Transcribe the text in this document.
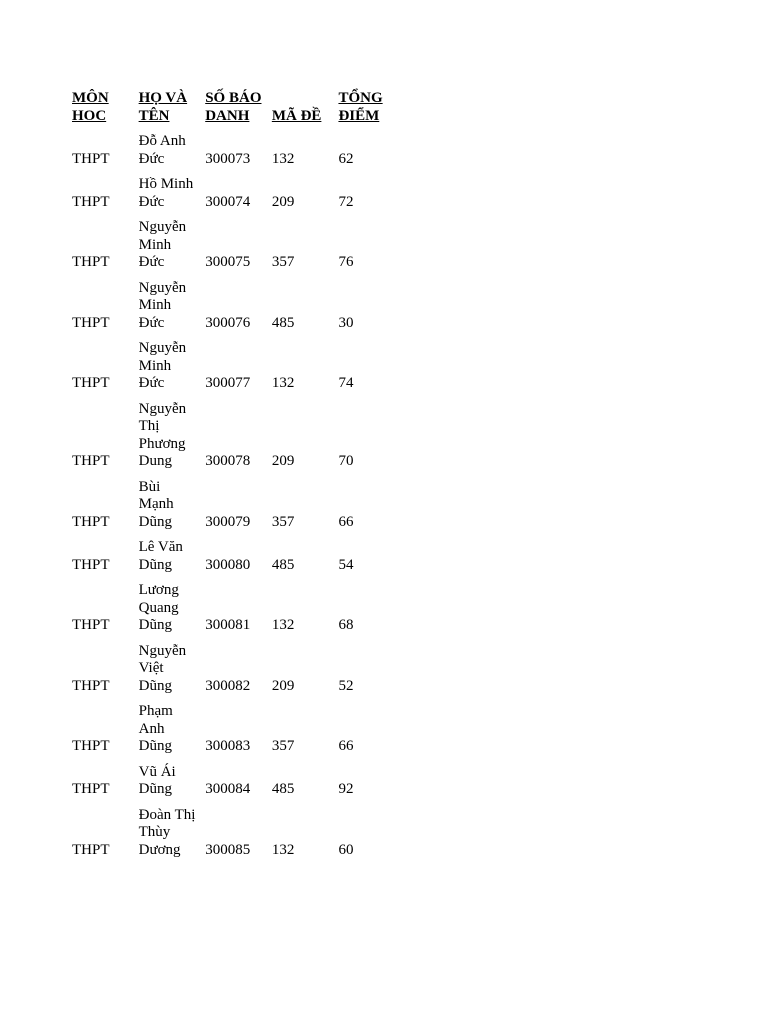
MÔN HOC	HỌ VÀ TÊN	SỐ BÁO DANH	MÃ ĐỀ	TỔNG ĐIỂM
THPT	Đỗ Anh Đức	300073	132	62
THPT	Hồ Minh Đức	300074	209	72
THPT	Nguyễn Minh Đức	300075	357	76
THPT	Nguyễn Minh Đức	300076	485	30
THPT	Nguyễn Minh Đức	300077	132	74
THPT	Nguyễn Thị Phương Dung	300078	209	70
THPT	Bùi Mạnh Dũng	300079	357	66
THPT	Lê Văn Dũng	300080	485	54
THPT	Lương Quang Dũng	300081	132	68
THPT	Nguyễn Việt Dũng	300082	209	52
THPT	Phạm Anh Dũng	300083	357	66
THPT	Vũ Ái Dũng	300084	485	92
THPT	Đoàn Thị Thùy Dương	300085	132	60
